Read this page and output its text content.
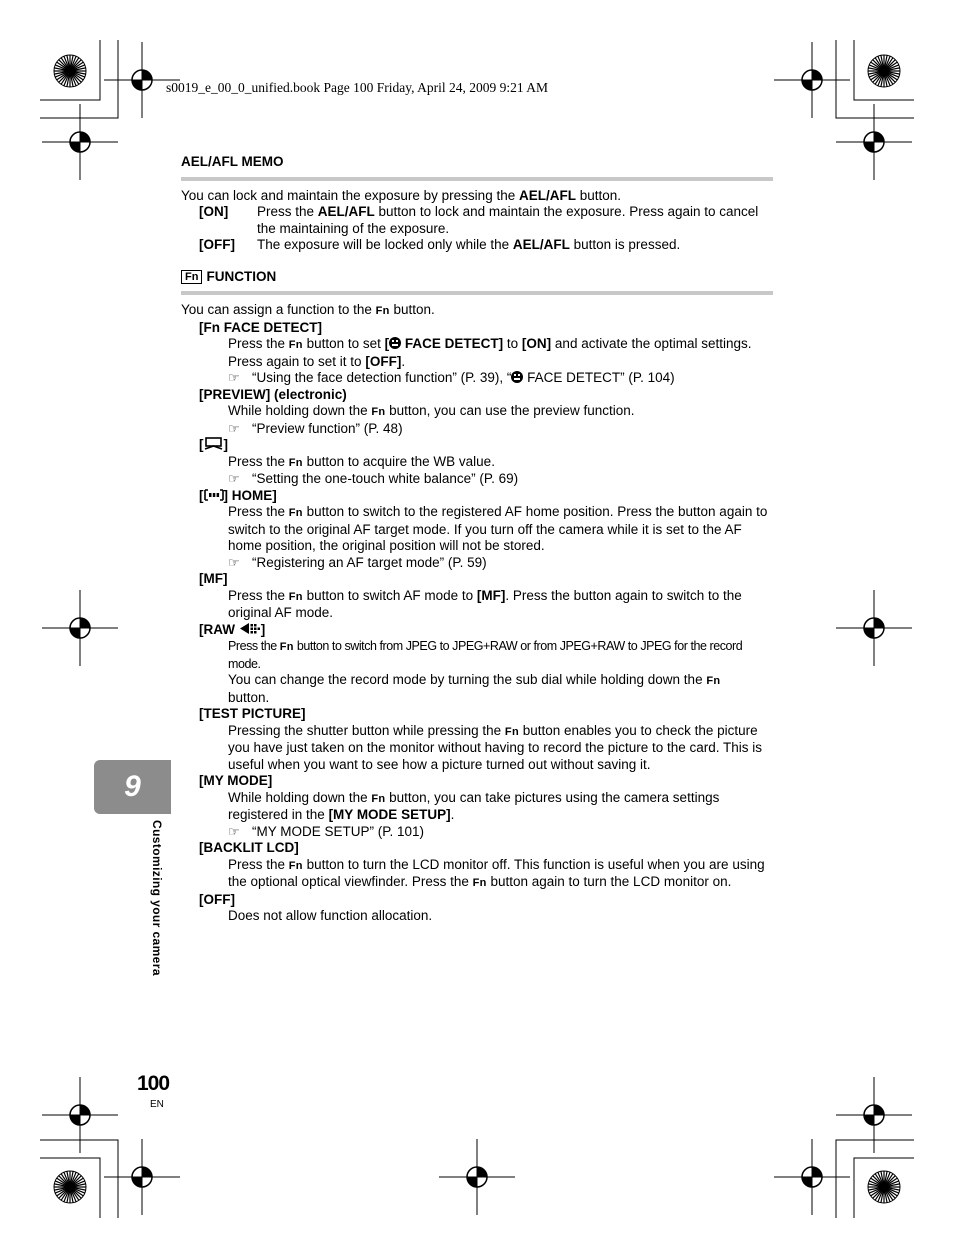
s0019_e_00_0_unified.book Page 100 Friday, April 24, 2009 9:21 AM

AEL/AFL MEMO

You can lock and maintain the exposure by pressing the AEL/AFL button.

[ON]	Press the AEL/AFL button to lock and maintain the exposure. Press again to cancel the maintaining of the exposure.
[OFF]	The exposure will be locked only while the AEL/AFL button is pressed.

Fn FUNCTION

You can assign a function to the Fn button.

[Fn FACE DETECT]

Press the Fn button to set [ FACE DETECT] to [ON] and activate the optimal settings. Press again to set it to [OFF].

☞ “Using the face detection function” (P. 39), “ FACE DETECT” (P. 104)

[PREVIEW] (electronic)

While holding down the Fn button, you can use the preview function.

☞ “Preview function” (P. 48)

[ ]

Press the Fn button to acquire the WB value.

☞ “Setting the one-touch white balance” (P. 69)

[ ] HOME]

Press the Fn button to switch to the registered AF home position. Press the button again to switch to the original AF target mode. If you turn off the camera while it is set to the AF home position, the original position will not be stored.

☞ “Registering an AF target mode” (P. 59)

[MF]

Press the Fn button to switch AF mode to [MF]. Press the button again to switch to the original AF mode.

[RAW ]

Press the Fn button to switch from JPEG to JPEG+RAW or from JPEG+RAW to JPEG for the record mode.

You can change the record mode by turning the sub dial while holding down the Fn
button.

[TEST PICTURE]

Pressing the shutter button while pressing the Fn button enables you to check the picture you have just taken on the monitor without having to record the picture to the card. This is useful when you want to see how a picture turned out without saving it.

[MY MODE]

While holding down the Fn button, you can take pictures using the camera settings registered in the [MY MODE SETUP].

☞ “MY MODE SETUP” (P. 101)

[BACKLIT LCD]

Press the Fn button to turn the LCD monitor off. This function is useful when you are using the optional optical viewfinder. Press the Fn button again to turn the LCD monitor on.

[OFF]

Does not allow function allocation.

9
Customizing your camera
100
EN
